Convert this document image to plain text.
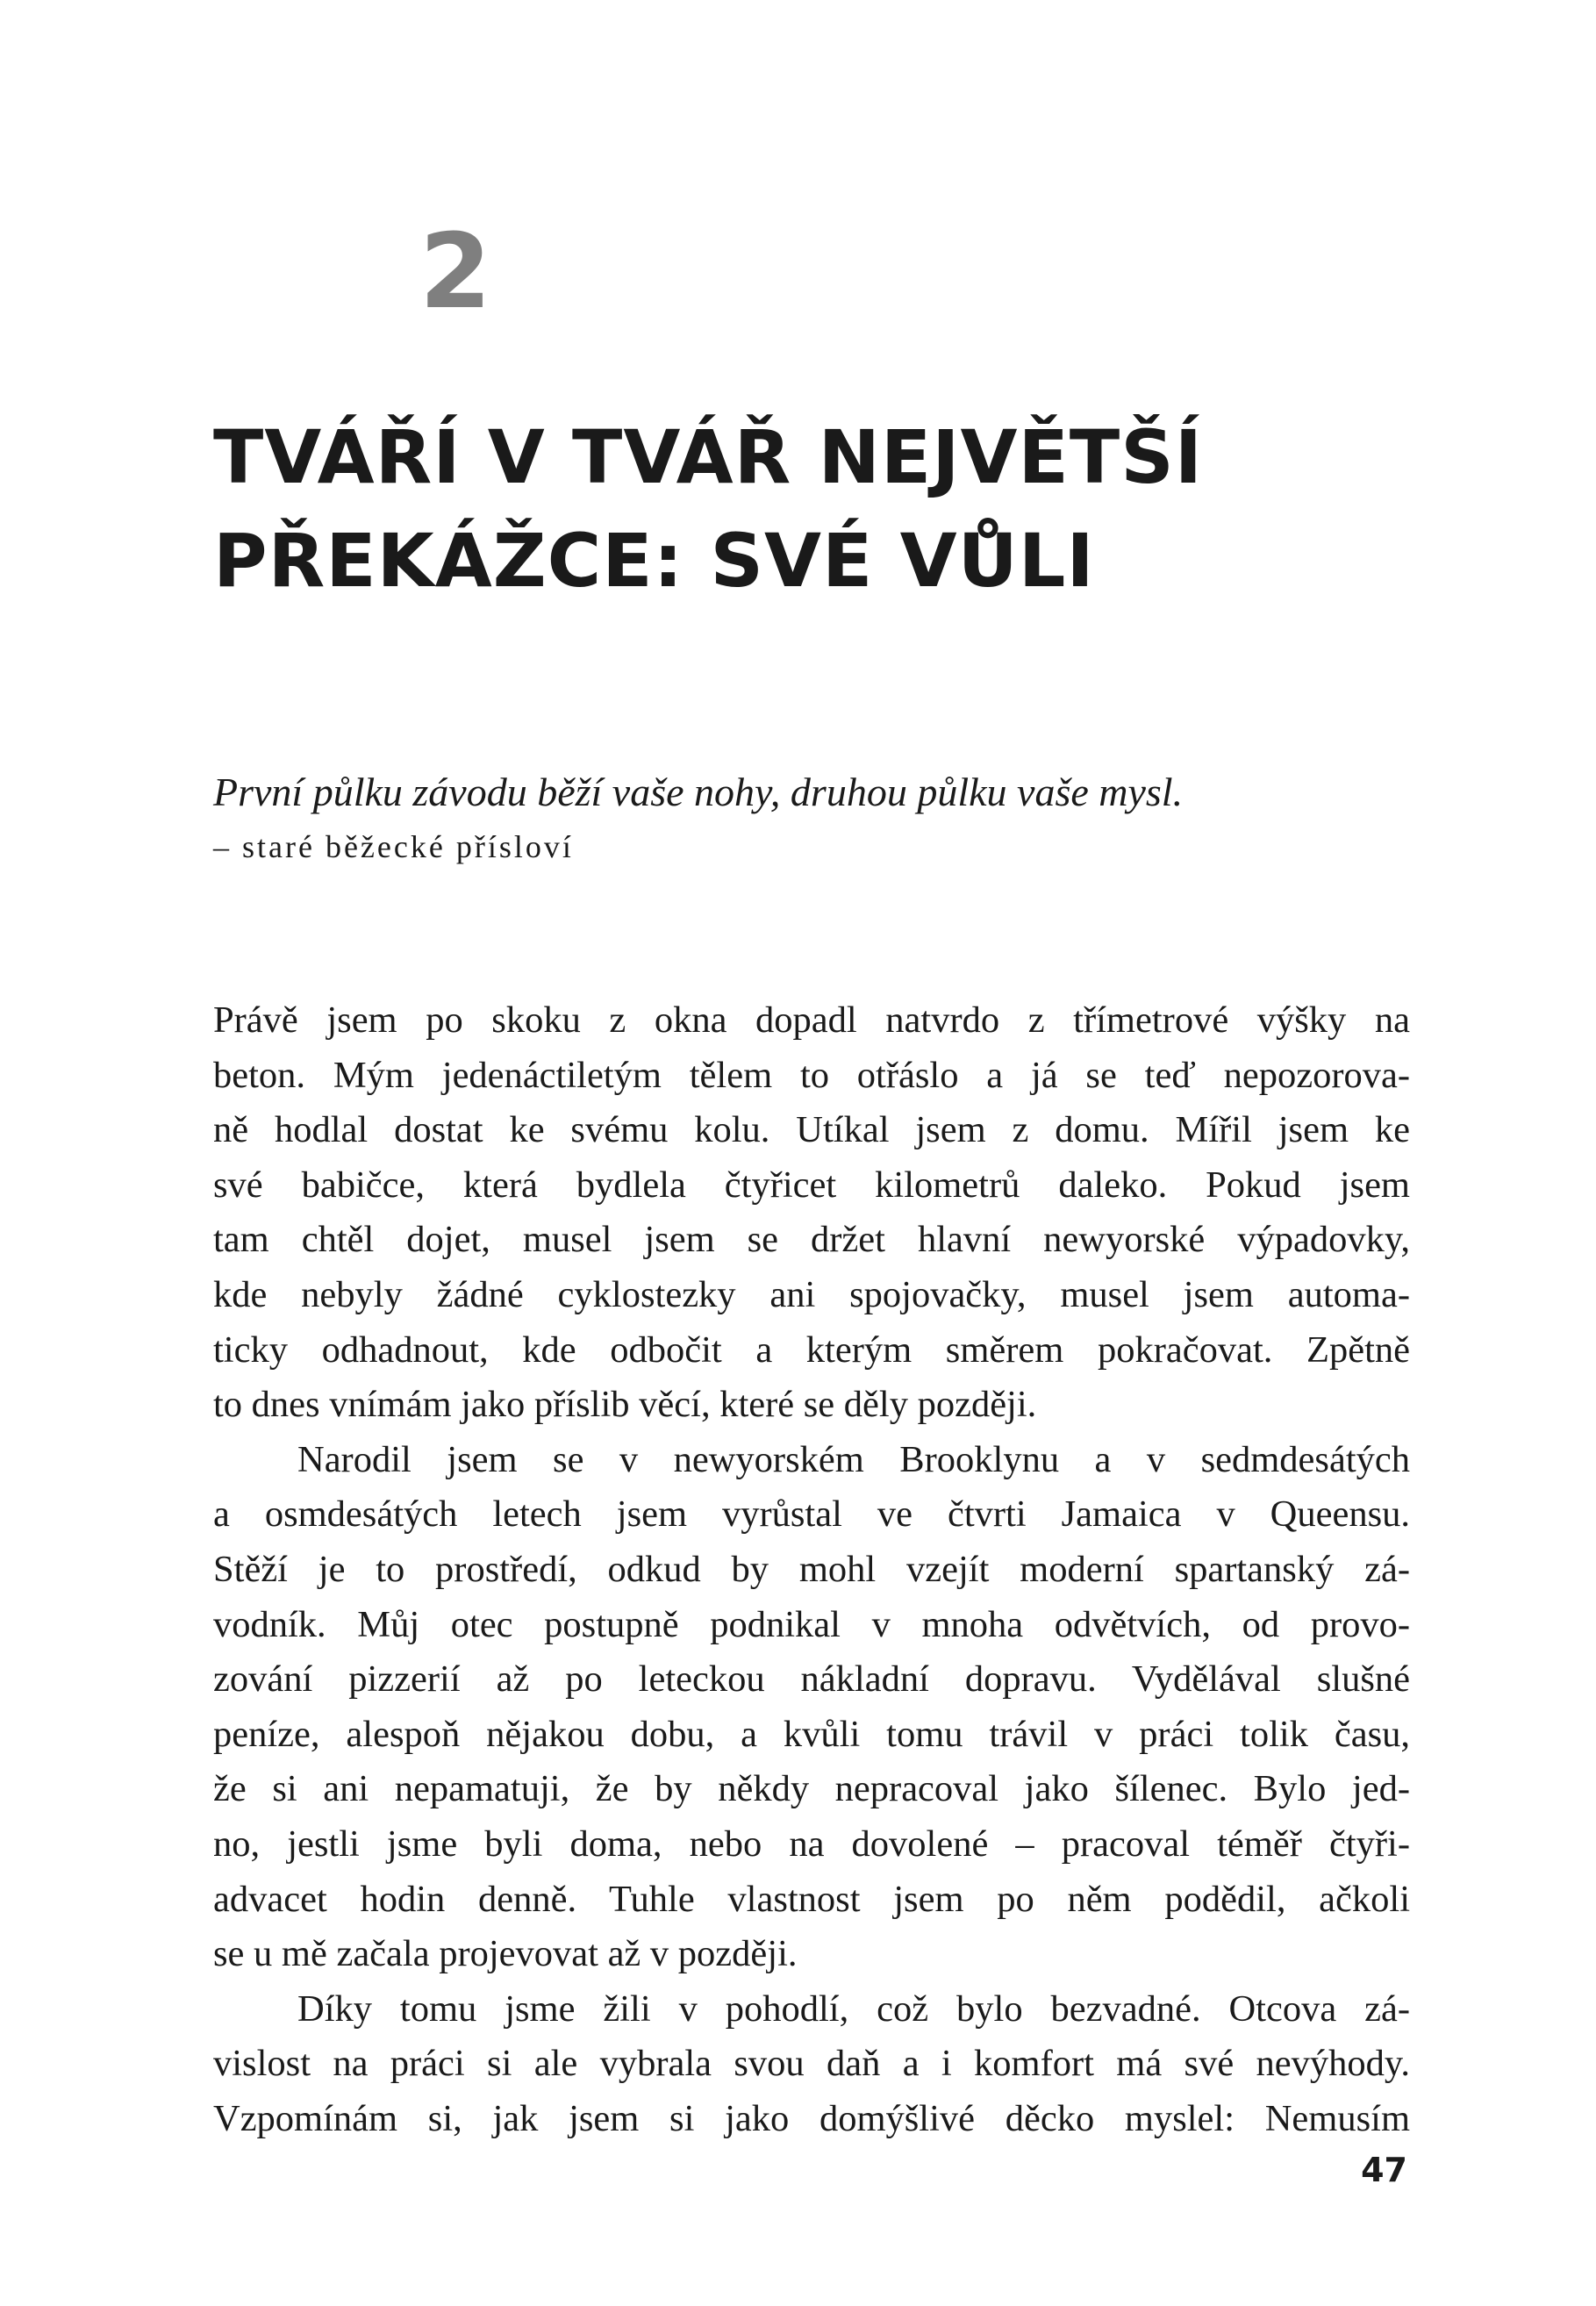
2
TVÁŘÍ V TVÁŘ NEJVĚTŠÍ
PŘEKÁŽCE: SVÉ VŮLI

První půlku závodu běží vaše nohy, druhou půlku vaše mysl.

– staré běžecké přísloví

Právě jsem po skoku z okna dopadl natvrdo z třímetrové výšky na
beton. Mým jedenáctiletým tělem to otřáslo a já se teď nepozorova-
ně hodlal dostat ke svému kolu. Utíkal jsem z domu. Mířil jsem ke
své babičce, která bydlela čtyřicet kilometrů daleko. Pokud jsem
tam chtěl dojet, musel jsem se držet hlavní newyorské výpadovky,
kde nebyly žádné cyklostezky ani spojovačky, musel jsem automa-
ticky odhadnout, kde odbočit a kterým směrem pokračovat. Zpětně
to dnes vnímám jako příslib věcí, které se děly později.
Narodil jsem se v newyorském Brooklynu a v sedmdesátých
a osmdesátých letech jsem vyrůstal ve čtvrti Jamaica v Queensu.
Stěží je to prostředí, odkud by mohl vzejít moderní spartanský zá-
vodník. Můj otec postupně podnikal v mnoha odvětvích, od provo-
zování pizzerií až po leteckou nákladní dopravu. Vydělával slušné
peníze, alespoň nějakou dobu, a kvůli tomu trávil v práci tolik času,
že si ani nepamatuji, že by někdy nepracoval jako šílenec. Bylo jed-
no, jestli jsme byli doma, nebo na dovolené – pracoval téměř čtyři-
advacet hodin denně. Tuhle vlastnost jsem po něm podědil, ačkoli
se u mě začala projevovat až v později.
Díky tomu jsme žili v pohodlí, což bylo bezvadné. Otcova zá-
vislost na práci si ale vybrala svou daň a i komfort má své nevýhody.
Vzpomínám si, jak jsem si jako domýšlivé děcko myslel: Nemusím
47
